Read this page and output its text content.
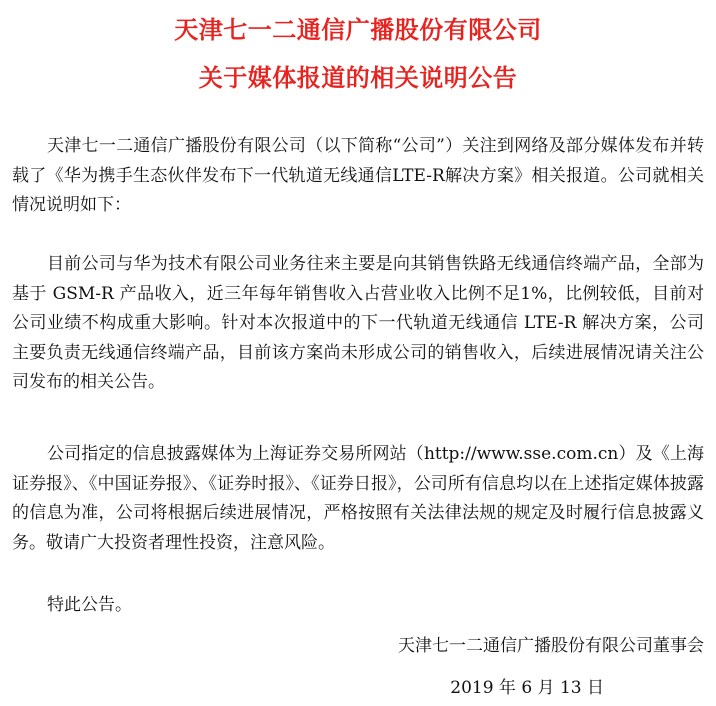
天津七一二通信广播股份有限公司
关于媒体报道的相关说明公告
天津七一二通信广播股份有限公司（以下简称“公司”）关注到网络及部分媒体发布并转载了《华为携手生态伙伴发布下一代轨道无线通信LTE-R解决方案》相关报道。公司就相关情况说明如下：
目前公司与华为技术有限公司业务往来主要是向其销售铁路无线通信终端产品，全部为基于 GSM-R 产品收入，近三年每年销售收入占营业收入比例不足1%，比例较低，目前对公司业绩不构成重大影响。针对本次报道中的下一代轨道无线通信 LTE-R 解决方案，公司主要负责无线通信终端产品，目前该方案尚未形成公司的销售收入，后续进展情况请关注公司发布的相关公告。
公司指定的信息披露媒体为上海证券交易所网站（http://www.sse.com.cn）及《上海证券报》、《中国证券报》、《证券时报》、《证券日报》，公司所有信息均以在上述指定媒体披露的信息为准，公司将根据后续进展情况，严格按照有关法律法规的规定及时履行信息披露义务。敬请广大投资者理性投资，注意风险。
特此公告。
天津七一二通信广播股份有限公司董事会
2019 年 6 月 13 日
